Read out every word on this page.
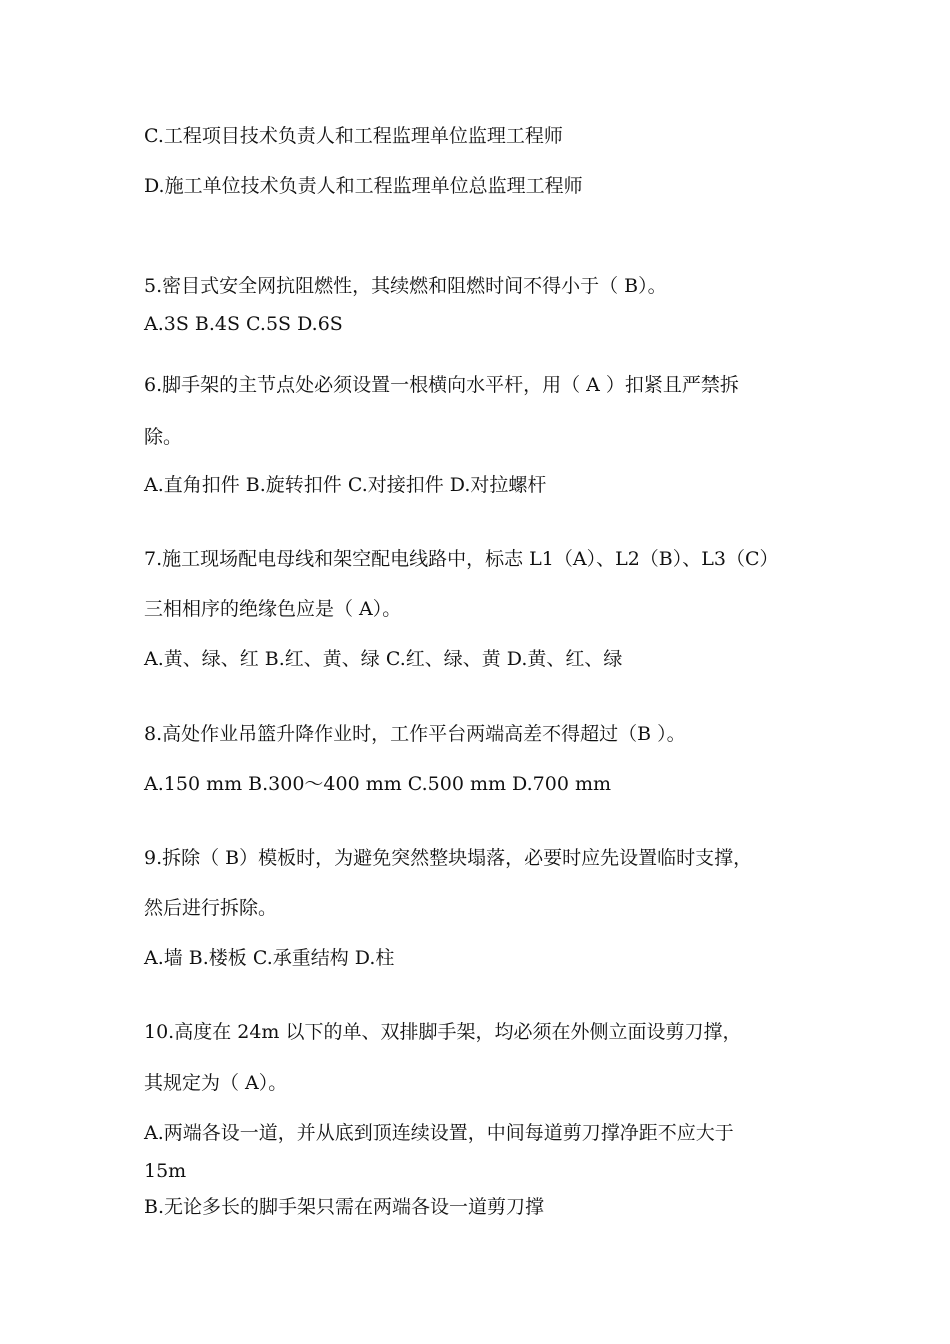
C.工程项目技术负责人和工程监理单位监理工程师
D.施工单位技术负责人和工程监理单位总监理工程师
5.密目式安全网抗阻燃性，其续燃和阻燃时间不得小于（ B）。
A.3S B.4S C.5S D.6S
6.脚手架的主节点处必须设置一根横向水平杆，用（ A ）扣紧且严禁拆
除。
A.直角扣件 B.旋转扣件 C.对接扣件 D.对拉螺杆
7.施工现场配电母线和架空配电线路中，标志 L1（A）、L2（B）、L3（C）
三相相序的绝缘色应是（ A）。
A.黄、绿、红 B.红、黄、绿 C.红、绿、黄 D.黄、红、绿
8.高处作业吊篮升降作业时，工作平台两端高差不得超过（B ）。
A.150 mm B.300～400 mm C.500 mm D.700 mm
9.拆除（ B）模板时，为避免突然整块塌落，必要时应先设置临时支撑，
然后进行拆除。
A.墙 B.楼板 C.承重结构 D.柱
10.高度在 24m 以下的单、双排脚手架，均必须在外侧立面设剪刀撑，
其规定为（ A）。
A.两端各设一道，并从底到顶连续设置，中间每道剪刀撑净距不应大于
15m
B.无论多长的脚手架只需在两端各设一道剪刀撑
